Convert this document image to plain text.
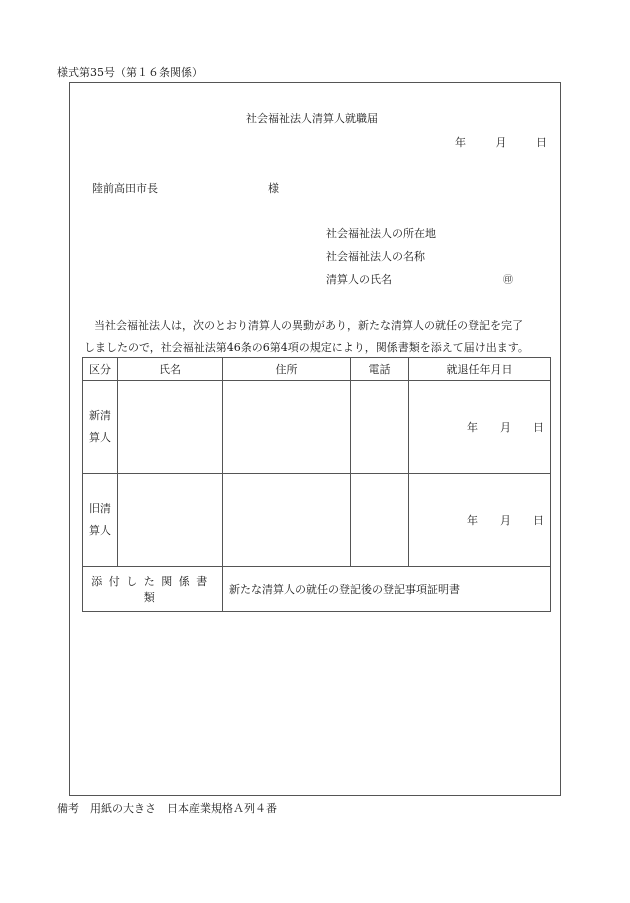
様式第35号（第１６条関係）
社会福祉法人清算人就職届
年	月	日
陸前高田市長	様
社会福祉法人の所在地
社会福祉法人の名称
清算人の氏名	㊞

当社会福祉法人は，次のとおり清算人の異動があり，新たな清算人の就任の登記を完了

しましたので，社会福祉法第46条の6第4項の規定により，関係書類を添えて届け出ます。

区分	氏名	住所	電話	就退任年月日

新清
算人				年 月 日

旧清
算人				年 月 日
添付した関係書類		新たな清算人の就任の登記後の登記事項証明書		
備考　用紙の大きさ　日本産業規格Ａ列４番
